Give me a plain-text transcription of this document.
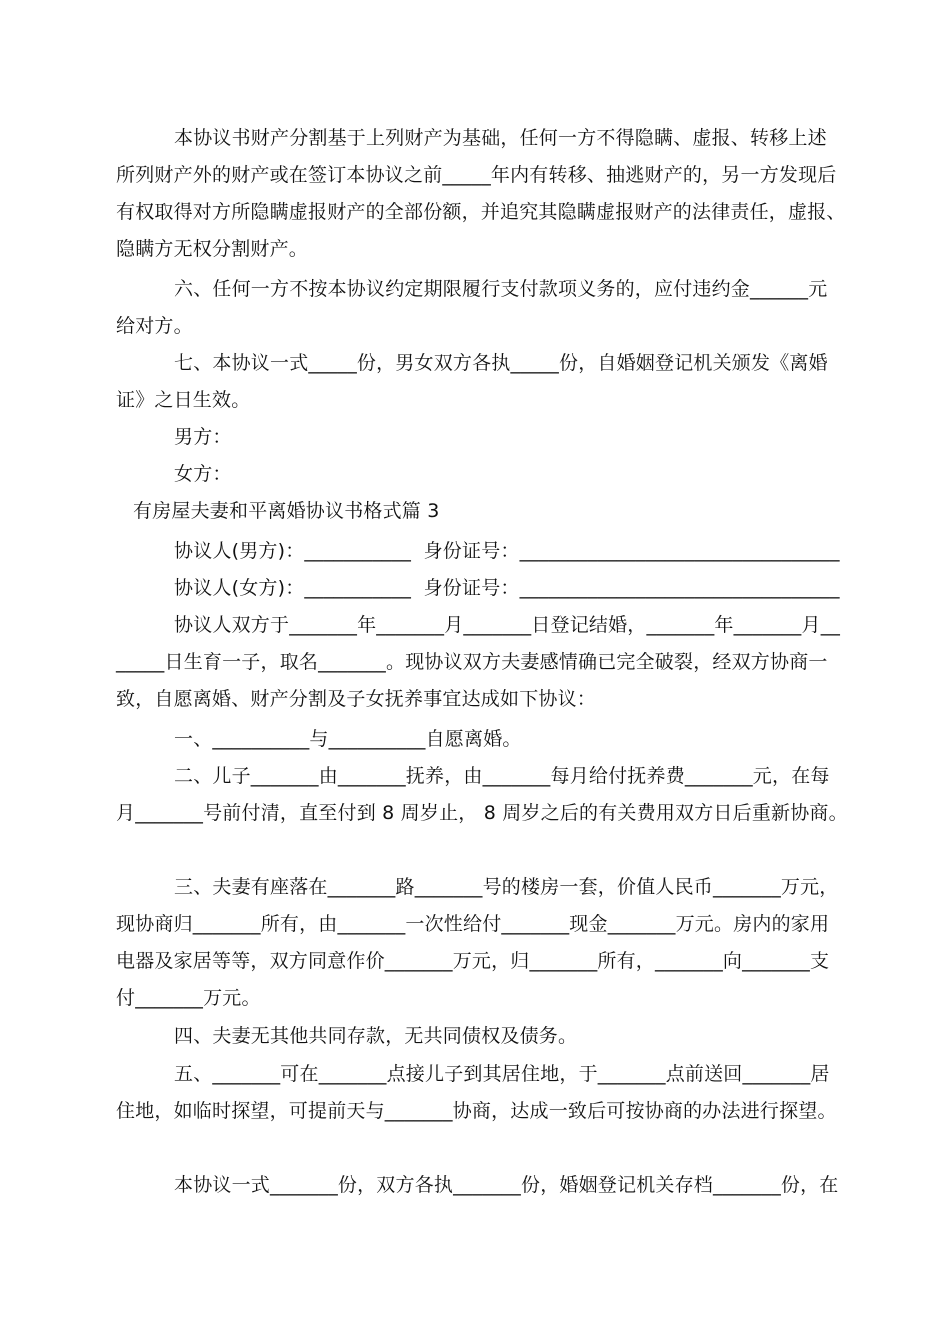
本协议书财产分割基于上列财产为基础，任何一方不得隐瞒、虚报、转移上述
所列财产外的财产或在签订本协议之前_____年内有转移、抽逃财产的，另一方发现后
有权取得对方所隐瞒虚报财产的全部份额，并追究其隐瞒虚报财产的法律责任，虚报、
隐瞒方无权分割财产。
六、任何一方不按本协议约定期限履行支付款项义务的，应付违约金______元
给对方。
七、本协议一式_____份，男女双方各执_____份，自婚姻登记机关颁发《离婚
证》之日生效。
男方：
女方：
有房屋夫妻和平离婚协议书格式篇 3
协议人(男方)：___________  身份证号：_________________________________
协议人(女方)：___________  身份证号：_________________________________
协议人双方于_______年_______月_______日登记结婚，_______年_______月__
_____日生育一子，取名_______。现协议双方夫妻感情确已完全破裂，经双方协商一
致，自愿离婚、财产分割及子女抚养事宜达成如下协议：
一、__________与__________自愿离婚。
二、儿子_______由_______抚养，由_______每月给付抚养费_______元，在每
月_______号前付清，直至付到 8 周岁止， 8 周岁之后的有关费用双方日后重新协商。
三、夫妻有座落在_______路_______号的楼房一套，价值人民币_______万元，
现协商归_______所有，由_______一次性给付_______现金_______万元。房内的家用
电器及家居等等，双方同意作价_______万元，归_______所有，_______向_______支
付_______万元。
四、夫妻无其他共同存款，无共同债权及债务。
五、_______可在_______点接儿子到其居住地，于_______点前送回_______居
住地，如临时探望，可提前天与_______协商，达成一致后可按协商的办法进行探望。
本协议一式_______份，双方各执_______份，婚姻登记机关存档_______份，在
